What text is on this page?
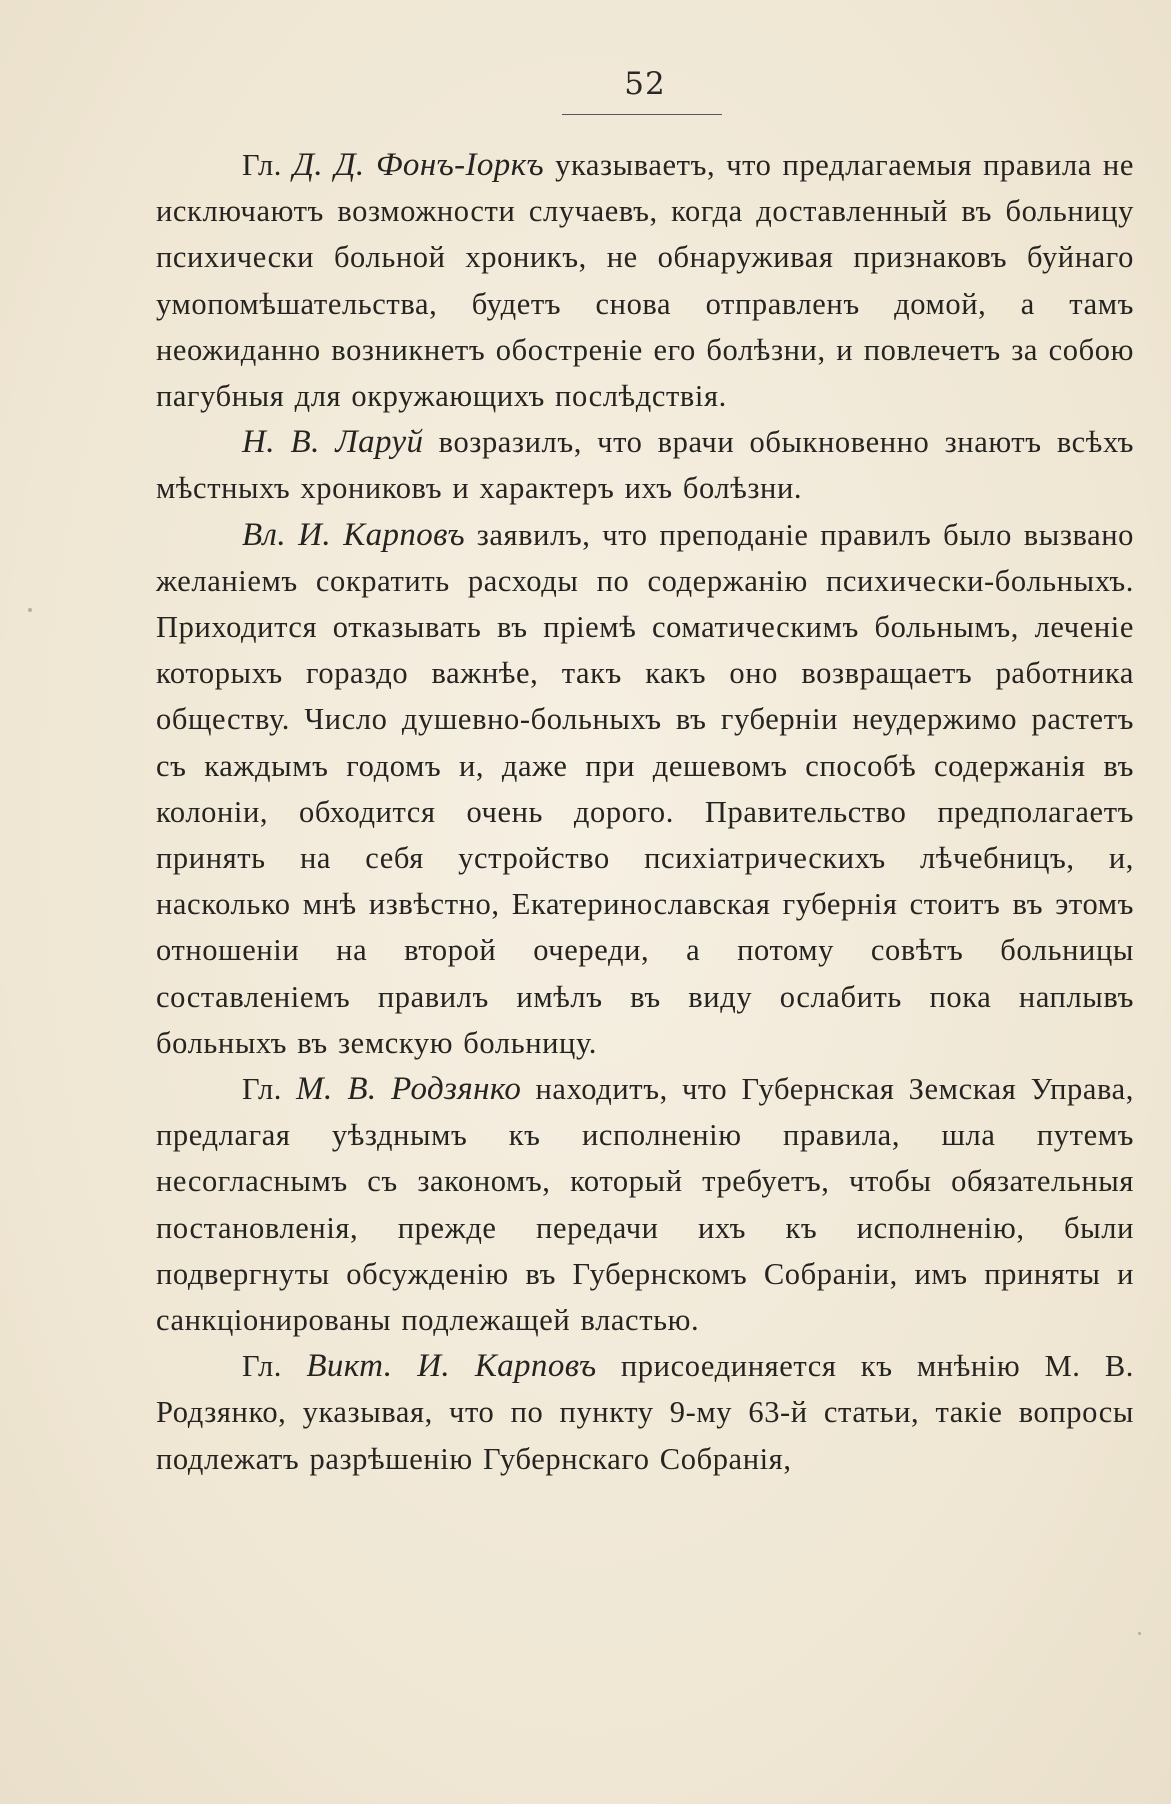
52

Гл. Д. Д. Фонъ-Іоркъ указываетъ, что предлагаемыя правила не исключаютъ возможности случаевъ, когда доставленный въ больницу психически больной хроникъ, не обнаруживая признаковъ буйнаго умопомѣшательства, будетъ снова отправленъ домой, а тамъ неожиданно возникнетъ обостреніе его болѣзни, и повлечетъ за собою пагубныя для окружающихъ послѣдствія.

Н. В. Ларуй возразилъ, что врачи обыкновенно знаютъ всѣхъ мѣстныхъ хрониковъ и характеръ ихъ болѣзни.

Вл. И. Карповъ заявилъ, что преподаніе правилъ было вызвано желаніемъ сократить расходы по содержанію психически-больныхъ. Приходится отказывать въ пріемѣ соматическимъ больнымъ, леченіе которыхъ гораздо важнѣе, такъ какъ оно возвращаетъ работника обществу. Число душевно-больныхъ въ губерніи неудержимо растетъ съ каждымъ годомъ и, даже при дешевомъ способѣ содержанія въ колоніи, обходится очень дорого. Правительство предполагаетъ принять на себя устройство психіатрическихъ лѣчебницъ, и, насколько мнѣ извѣстно, Екатеринославская губернія стоитъ въ этомъ отношеніи на второй очереди, а потому совѣтъ больницы составленіемъ правилъ имѣлъ въ виду ослабить пока наплывъ больныхъ въ земскую больницу.

Гл. М. В. Родзянко находитъ, что Губернская Земская Управа, предлагая уѣзднымъ къ исполненію правила, шла путемъ несогласнымъ съ закономъ, который требуетъ, чтобы обязательныя постановленія, прежде передачи ихъ къ исполненію, были подвергнуты обсужденію въ Губернскомъ Собраніи, имъ приняты и санкціонированы подлежащей властью.

Гл. Викт. И. Карповъ присоединяется къ мнѣнію М. В. Родзянко, указывая, что по пункту 9-му 63-й статьи, такіе вопросы подлежатъ разрѣшенію Губернскаго Собранія,
